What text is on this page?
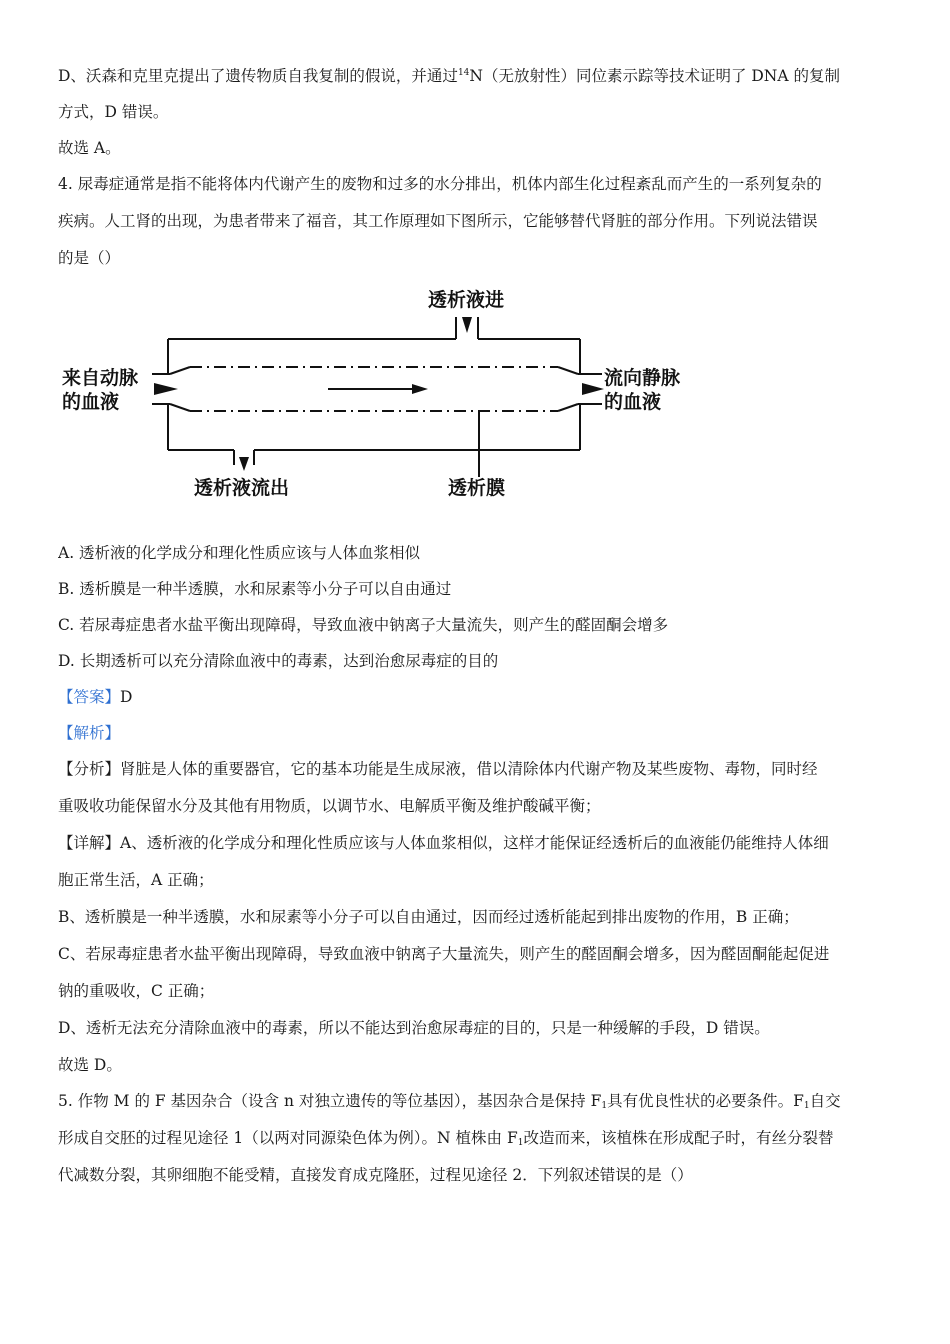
D、沃森和克里克提出了遗传物质自我复制的假说，并通过$^{14}$N（无放射性）同位素示踪等技术证明了 DNA 的复制
方式，D 错误。
故选 A。
4. 尿毒症通常是指不能将体内代谢产生的废物和过多的水分排出，机体内部生化过程紊乱而产生的一系列复杂的
疾病。人工肾的出现，为患者带来了福音，其工作原理如下图所示，它能够替代肾脏的部分作用。下列说法错误
的是（）
透析液进
来自动脉
的血液
流向静脉
的血液
透析液流出	透析膜
A. 透析液的化学成分和理化性质应该与人体血浆相似
B. 透析膜是一种半透膜，水和尿素等小分子可以自由通过
C. 若尿毒症患者水盐平衡出现障碍，导致血液中钠离子大量流失，则产生的醛固酮会增多
D. 长期透析可以充分清除血液中的毒素，达到治愈尿毒症的目的
【答案】D
【解析】
【分析】肾脏是人体的重要器官，它的基本功能是生成尿液，借以清除体内代谢产物及某些废物、毒物，同时经
重吸收功能保留水分及其他有用物质，以调节水、电解质平衡及维护酸碱平衡；
【详解】A、透析液的化学成分和理化性质应该与人体血浆相似，这样才能保证经透析后的血液能仍能维持人体细
胞正常生活，A 正确；
B、透析膜是一种半透膜，水和尿素等小分子可以自由通过，因而经过透析能起到排出废物的作用，B 正确；
C、若尿毒症患者水盐平衡出现障碍，导致血液中钠离子大量流失，则产生的醛固酮会增多，因为醛固酮能起促进
钠的重吸收，C 正确；
D、透析无法充分清除血液中的毒素，所以不能达到治愈尿毒症的目的，只是一种缓解的手段，D 错误。
故选 D。
5. 作物 M 的 F 基因杂合（设含 n 对独立遗传的等位基因），基因杂合是保持 $F_1$具有优良性状的必要条件。$F_1$自交
形成自交胚的过程见途径 1（以两对同源染色体为例）。N 植株由 $F_1$改造而来，该植株在形成配子时，有丝分裂替
代减数分裂，其卵细胞不能受精，直接发育成克隆胚，过程见途径 2．下列叙述错误的是（）
